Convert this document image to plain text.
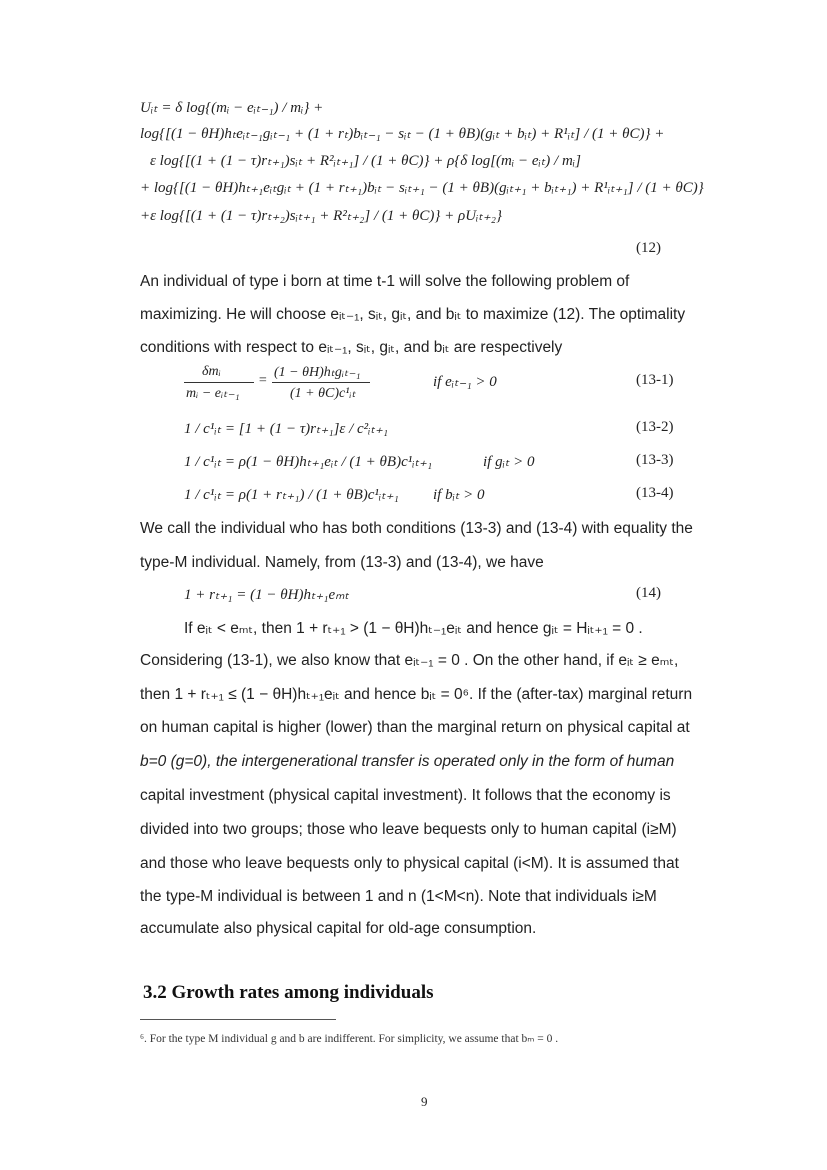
Uᵢₜ = δ log{(mᵢ − eᵢₜ₋₁) / mᵢ} +
log{[(1 − θH)hₜeᵢₜ₋₁gᵢₜ₋₁ + (1 + rₜ)bᵢₜ₋₁ − sᵢₜ − (1 + θB)(gᵢₜ + bᵢₜ) + R¹ᵢₜ] / (1 + θC)} +
ε log{[(1 + (1 − τ)rₜ₊₁)sᵢₜ + R²ᵢₜ₊₁] / (1 + θC)} + ρ{δ log[(mᵢ − eᵢₜ) / mᵢ]
+ log{[(1 − θH)hₜ₊₁eᵢₜgᵢₜ + (1 + rₜ₊₁)bᵢₜ − sᵢₜ₊₁ − (1 + θB)(gᵢₜ₊₁ + bᵢₜ₊₁) + R¹ᵢₜ₊₁] / (1 + θC)}
+ε log{[(1 + (1 − τ)rₜ₊₂)sᵢₜ₊₁ + R²ₜ₊₂] / (1 + θC)} + ρUᵢₜ₊₂}
(12)
An individual of type i born at time t-1 will solve the following problem of
maximizing. He will choose eᵢₜ₋₁, sᵢₜ, gᵢₜ, and bᵢₜ to maximize (12). The optimality
conditions with respect to eᵢₜ₋₁, sᵢₜ, gᵢₜ, and bᵢₜ are respectively
δmᵢ
mᵢ − eᵢₜ₋₁
=
(1 − θH)hₜgᵢₜ₋₁
(1 + θC)c¹ᵢₜ
if eᵢₜ₋₁ > 0	(13-1)
1 / c¹ᵢₜ = [1 + (1 − τ)rₜ₊₁]ε / c²ᵢₜ₊₁	(13-2)
1 / c¹ᵢₜ = ρ(1 − θH)hₜ₊₁eᵢₜ / (1 + θB)c¹ᵢₜ₊₁	if gᵢₜ > 0	(13-3)
1 / c¹ᵢₜ = ρ(1 + rₜ₊₁) / (1 + θB)c¹ᵢₜ₊₁ if bᵢₜ > 0	(13-4)
We call the individual who has both conditions (13-3) and (13-4) with equality the
type-M individual. Namely, from (13-3) and (13-4), we have
1 + rₜ₊₁ = (1 − θH)hₜ₊₁eₘₜ	(14)
If eᵢₜ < eₘₜ, then 1 + rₜ₊₁ > (1 − θH)hₜ₋₁eᵢₜ and hence gᵢₜ = Hᵢₜ₊₁ = 0 .
Considering (13-1), we also know that eᵢₜ₋₁ = 0 . On the other hand, if eᵢₜ ≥ eₘₜ,
then 1 + rₜ₊₁ ≤ (1 − θH)hₜ₊₁eᵢₜ and hence bᵢₜ = 0⁶. If the (after-tax) marginal return
on human capital is higher (lower) than the marginal return on physical capital at
b=0 (g=0), the intergenerational transfer is operated only in the form of human
capital investment (physical capital investment). It follows that the economy is
divided into two groups; those who leave bequests only to human capital (i≥M)
and those who leave bequests only to physical capital (i<M). It is assumed that
the type-M individual is between 1 and n (1<M<n). Note that individuals i≥M
accumulate also physical capital for old-age consumption.
3.2 Growth rates among individuals
⁶. For the type M individual g and b are indifferent. For simplicity, we assume that bₘ = 0 .
9
